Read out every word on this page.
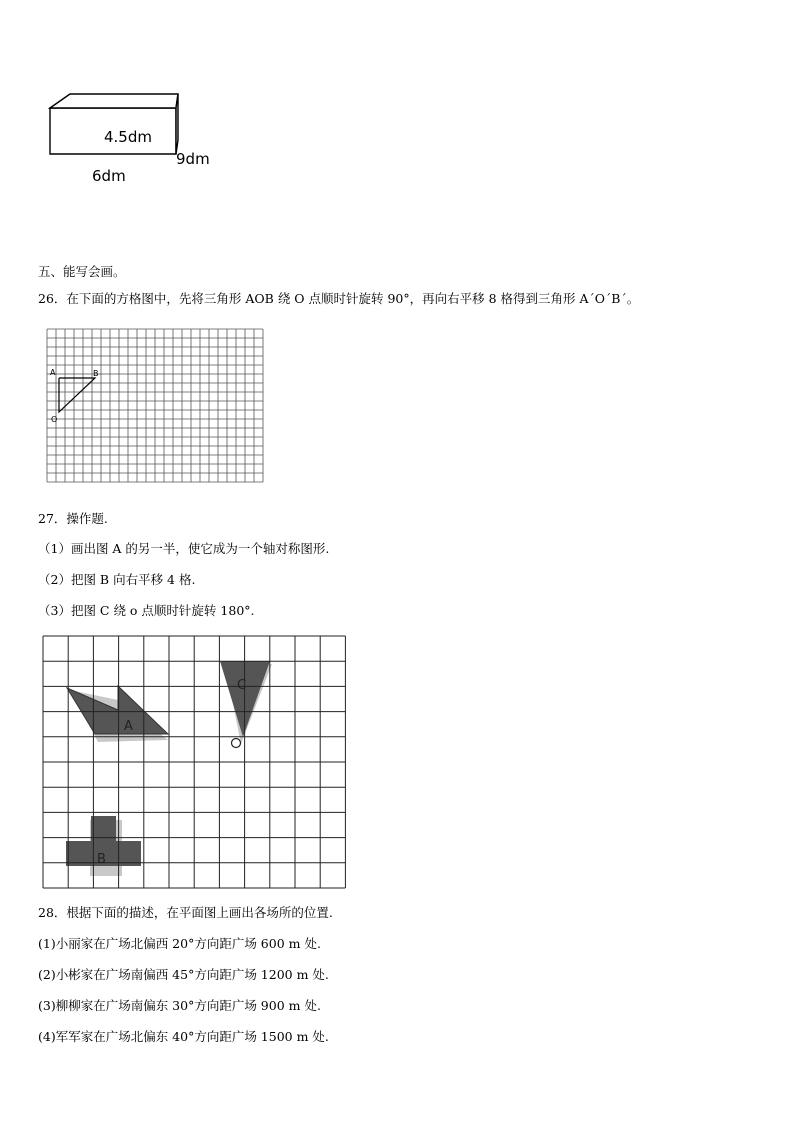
4.5dm
9dm
6dm
五、能写会画。
26．在下面的方格图中，先将三角形 AOB 绕 O 点顺时针旋转 90°，再向右平移 8 格得到三角形 A´O´B´。
A	B
O
27．操作题.
（1）画出图 A 的另一半，使它成为一个轴对称图形.
（2）把图 B 向右平移 4 格.
（3）把图 C 绕 o 点顺时针旋转 180°.
A
B
C
28．根据下面的描述，在平面图上画出各场所的位置.
(1)小丽家在广场北偏西 20°方向距广场 600 m 处.
(2)小彬家在广场南偏西 45°方向距广场 1200 m 处.
(3)柳柳家在广场南偏东 30°方向距广场 900 m 处.
(4)军军家在广场北偏东 40°方向距广场 1500 m 处.
